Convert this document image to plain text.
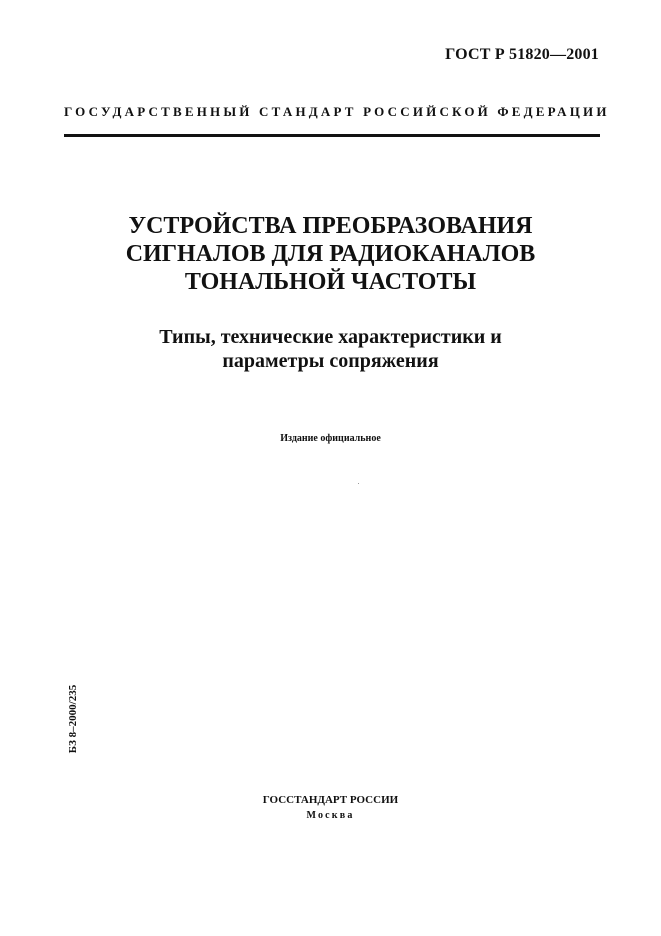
ГОСТ Р 51820—2001
ГОСУДАРСТВЕННЫЙ СТАНДАРТ РОССИЙСКОЙ ФЕДЕРАЦИИ
УСТРОЙСТВА ПРЕОБРАЗОВАНИЯ
СИГНАЛОВ ДЛЯ РАДИОКАНАЛОВ
ТОНАЛЬНОЙ ЧАСТОТЫ
Типы, технические характеристики и
параметры сопряжения
Издание официальное
БЗ 8–2000/235
ГОССТАНДАРТ РОССИИ
Москва
